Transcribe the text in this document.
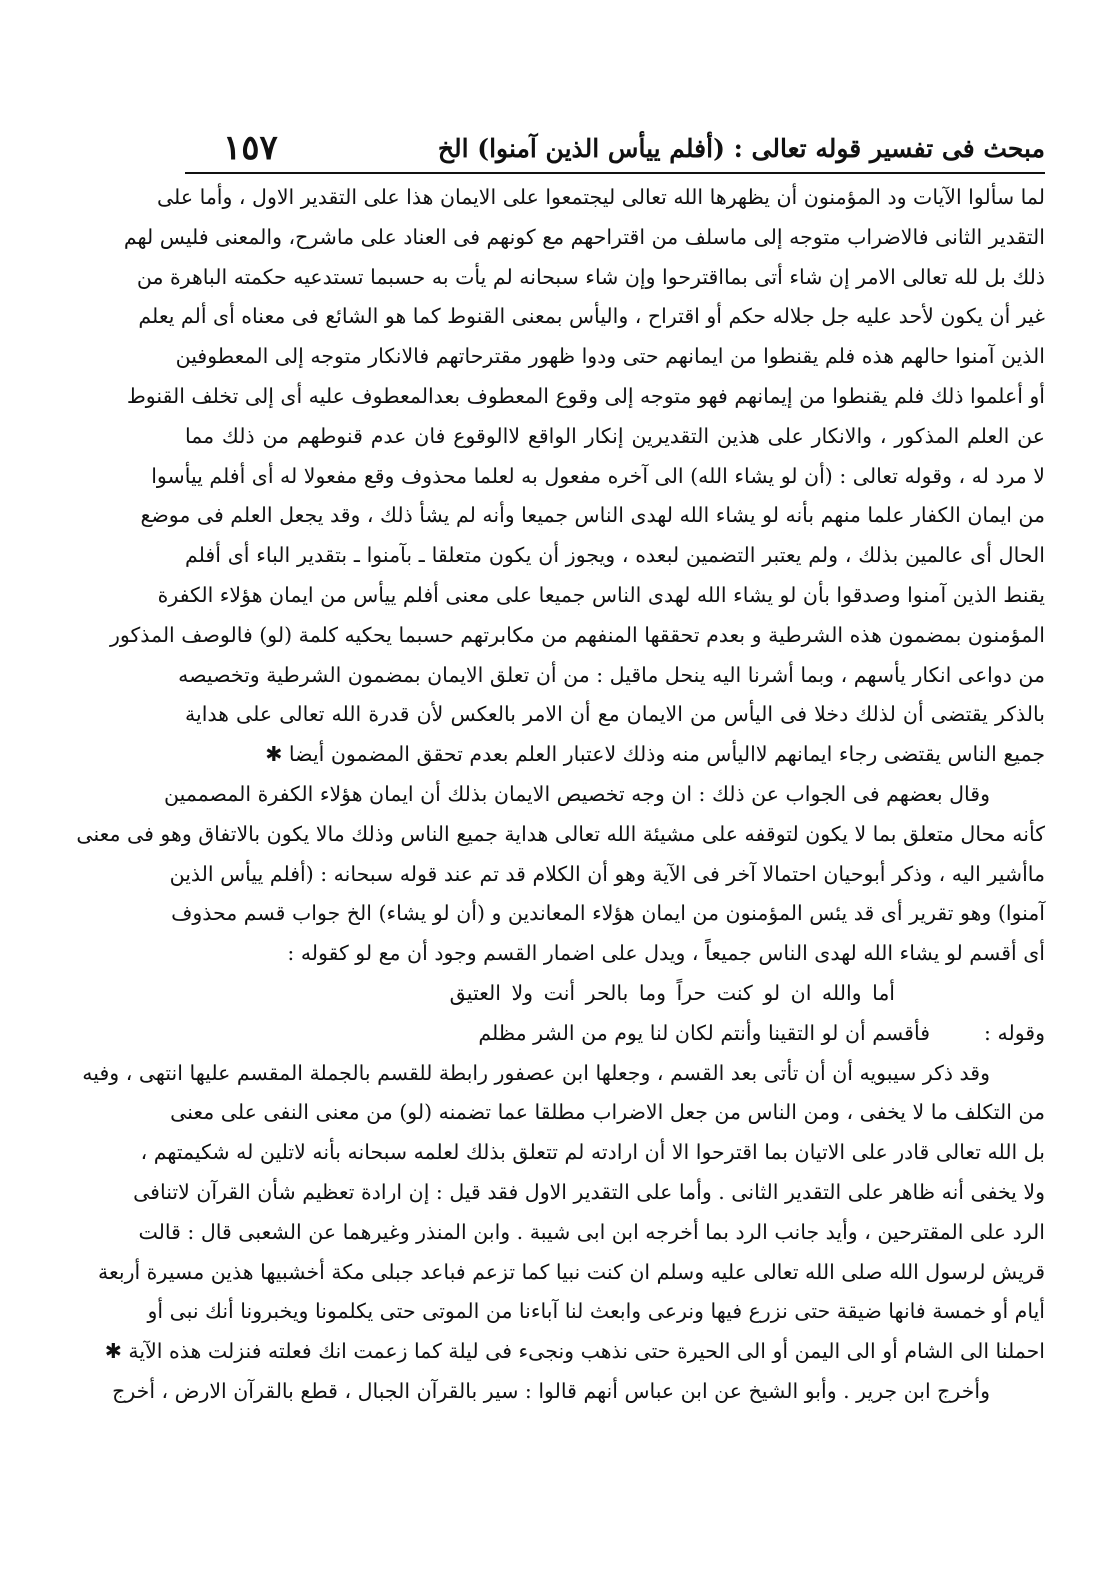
مبحث فى تفسير قوله تعالى : (أفلم ييأس الذين آمنوا) الخ
١٥٧
لما سألوا الآيات ود المؤمنون أن يظهرها الله تعالى ليجتمعوا على الايمان هذا على التقدير الاول ، وأما على
التقدير الثانى فالاضراب متوجه إلى ماسلف من اقتراحهم مع كونهم فى العناد على ماشرح، والمعنى فليس لهم
ذلك بل لله تعالى الامر إن شاء أتى بمااقترحوا وإن شاء سبحانه لم يأت به حسبما تستدعيه حكمته الباهرة من
غير أن يكون لأحد عليه جل جلاله حكم أو اقتراح ، واليأس بمعنى القنوط كما هو الشائع فى معناه أى ألم يعلم
الذين آمنوا حالهم هذه فلم يقنطوا من ايمانهم حتى ودوا ظهور مقترحاتهم فالانكار متوجه إلى المعطوفين
أو أعلموا ذلك فلم يقنطوا من إيمانهم فهو متوجه إلى وقوع المعطوف بعدالمعطوف عليه أى إلى تخلف القنوط
عن العلم المذكور ، والانكار على هذين التقديرين إنكار الواقع لاالوقوع فان عدم قنوطهم من ذلك مما
لا مرد له ، وقوله تعالى : (أن لو يشاء الله) الى آخره مفعول به لعلما محذوف وقع مفعولا له أى أفلم ييأسوا
من ايمان الكفار علما منهم بأنه لو يشاء الله لهدى الناس جميعا وأنه لم يشأ ذلك ، وقد يجعل العلم فى موضع
الحال أى عالمين بذلك ، ولم يعتبر التضمين لبعده ، ويجوز أن يكون متعلقا ـ بآمنوا ـ بتقدير الباء أى أفلم
يقنط الذين آمنوا وصدقوا بأن لو يشاء الله لهدى الناس جميعا على معنى أفلم ييأس من ايمان هؤلاء الكفرة
المؤمنون بمضمون هذه الشرطية و بعدم تحققها المنفهم من مكابرتهم حسبما يحكيه كلمة (لو) فالوصف المذكور
من دواعى انكار يأسهم ، وبما أشرنا اليه ينحل ماقيل : من أن تعلق الايمان بمضمون الشرطية وتخصيصه
بالذكر يقتضى أن لذلك دخلا فى اليأس من الايمان مع أن الامر بالعكس لأن قدرة الله تعالى على هداية
جميع الناس يقتضى رجاء ايمانهم لااليأس منه وذلك لاعتبار العلم بعدم تحقق المضمون أيضا ✱
وقال بعضهم فى الجواب عن ذلك : ان وجه تخصيص الايمان بذلك أن ايمان هؤلاء الكفرة المصممين
كأنه محال متعلق بما لا يكون لتوقفه على مشيئة الله تعالى هداية جميع الناس وذلك مالا يكون بالاتفاق وهو فى معنى
ماأشير اليه ، وذكر أبوحيان احتمالا آخر فى الآية وهو أن الكلام قد تم عند قوله سبحانه : (أفلم ييأس الذين
آمنوا) وهو تقرير أى قد يئس المؤمنون من ايمان هؤلاء المعاندين و (أن لو يشاء) الخ جواب قسم محذوف
أى أقسم لو يشاء الله لهدى الناس جميعاً ، ويدل على اضمار القسم وجود أن مع لو كقوله :
أما والله ان لو كنت حراً وما بالحر أنت ولا العتيق
وقوله :فأقسم أن لو التقينا وأنتم لكان لنا يوم من الشر مظلم
وقد ذكر سيبويه أن أن تأتى بعد القسم ، وجعلها ابن عصفور رابطة للقسم بالجملة المقسم عليها انتهى ، وفيه
من التكلف ما لا يخفى ، ومن الناس من جعل الاضراب مطلقا عما تضمنه (لو) من معنى النفى على معنى
بل الله تعالى قادر على الاتيان بما اقترحوا الا أن ارادته لم تتعلق بذلك لعلمه سبحانه بأنه لاتلين له شكيمتهم ،
ولا يخفى أنه ظاهر على التقدير الثانى . وأما على التقدير الاول فقد قيل : إن ارادة تعظيم شأن القرآن لاتنافى
الرد على المقترحين ، وأيد جانب الرد بما أخرجه ابن ابى شيبة . وابن المنذر وغيرهما عن الشعبى قال : قالت
قريش لرسول الله صلى الله تعالى عليه وسلم ان كنت نبيا كما تزعم فباعد جبلى مكة أخشبيها هذين مسيرة أربعة
أيام أو خمسة فانها ضيقة حتى نزرع فيها ونرعى وابعث لنا آباءنا من الموتى حتى يكلمونا ويخبرونا أنك نبى أو
احملنا الى الشام أو الى اليمن أو الى الحيرة حتى نذهب ونجىء فى ليلة كما زعمت انك فعلته فنزلت هذه الآية ✱
وأخرج ابن جرير . وأبو الشيخ عن ابن عباس أنهم قالوا : سير بالقرآن الجبال ، قطع بالقرآن الارض ، أخرج
